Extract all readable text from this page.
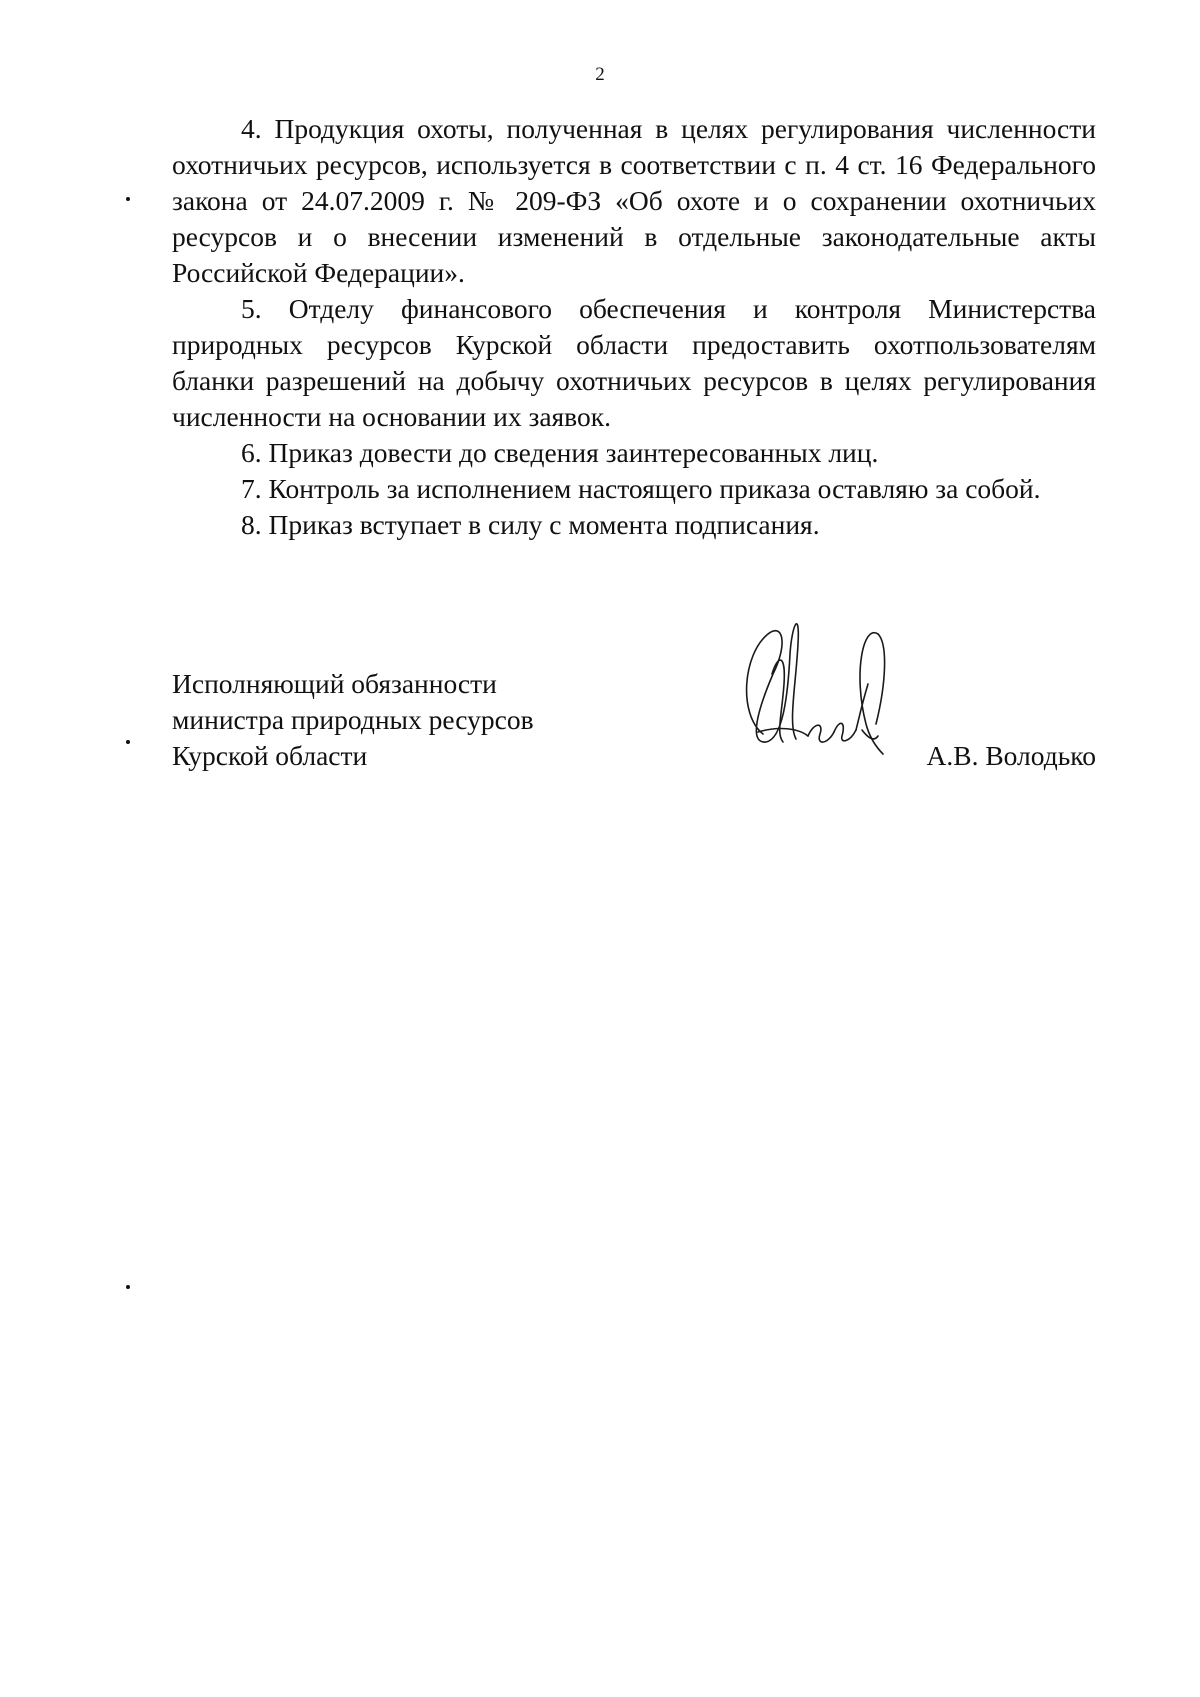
2

4. Продукция охоты, полученная в целях регулирования численности охотничьих ресурсов, используется в соответствии с п. 4 ст. 16 Федерального закона от 24.07.2009 г. № 209-ФЗ «Об охоте и о сохранении охотничьих ресурсов и о внесении изменений в отдельные законодательные акты Российской Федерации».

5. Отделу финансового обеспечения и контроля Министерства природных ресурсов Курской области предоставить охотпользователям бланки разрешений на добычу охотничьих ресурсов в целях регулирования численности на основании их заявок.

6. Приказ довести до сведения заинтересованных лиц.

7. Контроль за исполнением настоящего приказа оставляю за собой.

8. Приказ вступает в силу с момента подписания.

Исполняющий обязанности
министра природных ресурсов
Курской области	А.В. Володько
